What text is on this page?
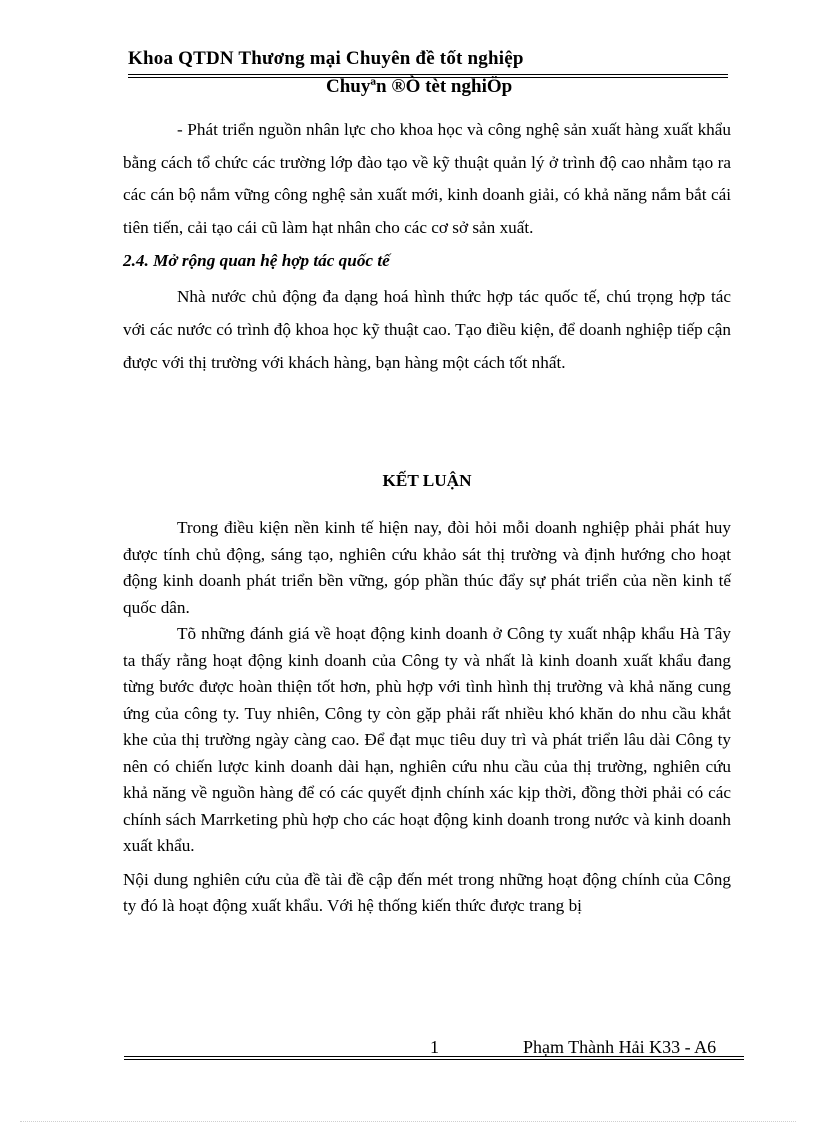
Khoa QTDN Thương mại Chuyên đề tốt nghiệp
Chuyªn ®Ò tèt nghiÖp

- Phát triển nguồn nhân lực cho khoa học và công nghệ sản xuất hàng xuất khẩu bằng cách tổ chức các trường lớp đào tạo về kỹ thuật quản lý ở trình độ cao nhằm tạo ra các cán bộ nắm vững công nghệ sản xuất mới, kinh doanh giải, có khả năng nắm bắt cái tiên tiến, cải tạo cái cũ làm hạt nhân cho các cơ sở sản xuất.

2.4. Mở rộng quan hệ hợp tác quốc tế

Nhà nước chủ động đa dạng hoá hình thức hợp tác quốc tế, chú trọng hợp tác với các nước có trình độ khoa học kỹ thuật cao. Tạo điều kiện, để doanh nghiệp tiếp cận được với thị trường với khách hàng, bạn hàng một cách tốt nhất.

KẾT LUẬN

Trong điều kiện nền kinh tế hiện nay, đòi hỏi mỗi doanh nghiệp phải phát huy được tính chủ động, sáng tạo, nghiên cứu khảo sát thị trường và định hướng cho hoạt động kinh doanh phát triển bền vững, góp phần thúc đẩy sự phát triển của nền kinh tế quốc dân.

Tõ những đánh giá về hoạt động kinh doanh ở Công ty xuất nhập khẩu Hà Tây ta thấy rằng hoạt động kinh doanh của Công ty và nhất là kinh doanh xuất khẩu đang từng bước được hoàn thiện tốt hơn, phù hợp với tình hình thị trường và khả năng cung ứng của công ty. Tuy nhiên, Công ty còn gặp phải rất nhiều khó khăn do nhu cầu khắt khe của thị trường ngày càng cao. Để đạt mục tiêu duy trì và phát triển lâu dài Công ty nên có chiến lược kinh doanh dài hạn, nghiên cứu nhu cầu của thị trường, nghiên cứu khả năng về nguồn hàng để có các quyết định chính xác kịp thời, đồng thời phải có các chính sách Marrketing phù hợp cho các hoạt động kinh doanh trong nước và kinh doanh xuất khẩu.

Nội dung nghiên cứu của đề tài đề cập đến mét trong những hoạt động chính của Công ty đó là hoạt động xuất khẩu. Với hệ thống kiến thức được trang bị

1	Phạm Thành Hải K33 - A6
